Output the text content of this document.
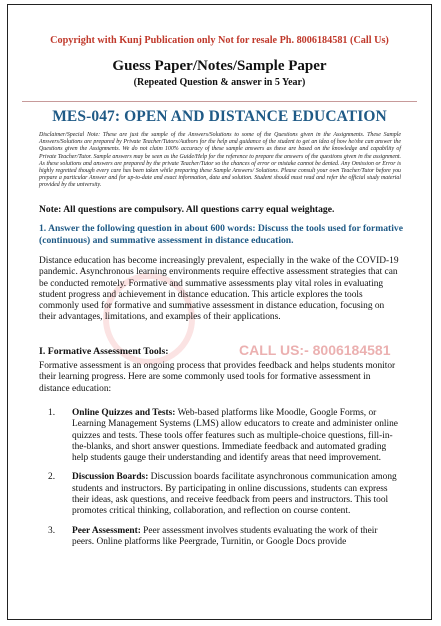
CALL US:- 8006184581
Copyright with Kunj Publication only Not for resale Ph. 8006184581 (Call Us)
Guess Paper/Notes/Sample Paper
(Repeated Question & answer in 5 Year)
MES-047: OPEN AND DISTANCE EDUCATION
Disclaimer/Special Note: These are just the sample of the Answers/Solutions to some of the Questions given in the Assignments. These Sample Answers/Solutions are prepared by Private Teacher/Tutors/Authors for the help and guidance of the student to get an idea of how he/she can answer the Questions given the Assignments. We do not claim 100% accuracy of these sample answers as these are based on the knowledge and capability of Private Teacher/Tutor. Sample answers may be seen as the Guide/Help for the reference to prepare the answers of the questions given in the assignment. As these solutions and answers are prepared by the private Teacher/Tutor so the chances of error or mistake cannot be denied. Any Omission or Error is highly regretted though every care has been taken while preparing these Sample Answers/ Solutions. Please consult your own Teacher/Tutor before you prepare a particular Answer and for up-to-date and exact information, data and solution. Student should must read and refer the official study material provided by the university.
Note: All questions are compulsory. All questions carry equal weightage.
1. Answer the following question in about 600 words: Discuss the tools used for formative (continuous) and summative assessment in distance education.
Distance education has become increasingly prevalent, especially in the wake of the COVID-19 pandemic. Asynchronous learning environments require effective assessment strategies that can be conducted remotely. Formative and summative assessments play vital roles in evaluating student progress and achievement in distance education. This article explores the tools commonly used for formative and summative assessment in distance education, focusing on their advantages, limitations, and examples of their applications.
I. Formative Assessment Tools:
Formative assessment is an ongoing process that provides feedback and helps students monitor their learning progress. Here are some commonly used tools for formative assessment in distance education:
1. Online Quizzes and Tests: Web-based platforms like Moodle, Google Forms, or Learning Management Systems (LMS) allow educators to create and administer online quizzes and tests. These tools offer features such as multiple-choice questions, fill-in-the-blanks, and short answer questions. Immediate feedback and automated grading help students gauge their understanding and identify areas that need improvement.
2. Discussion Boards: Discussion boards facilitate asynchronous communication among students and instructors. By participating in online discussions, students can express their ideas, ask questions, and receive feedback from peers and instructors. This tool promotes critical thinking, collaboration, and reflection on course content.
3. Peer Assessment: Peer assessment involves students evaluating the work of their peers. Online platforms like Peergrade, Turnitin, or Google Docs provide
